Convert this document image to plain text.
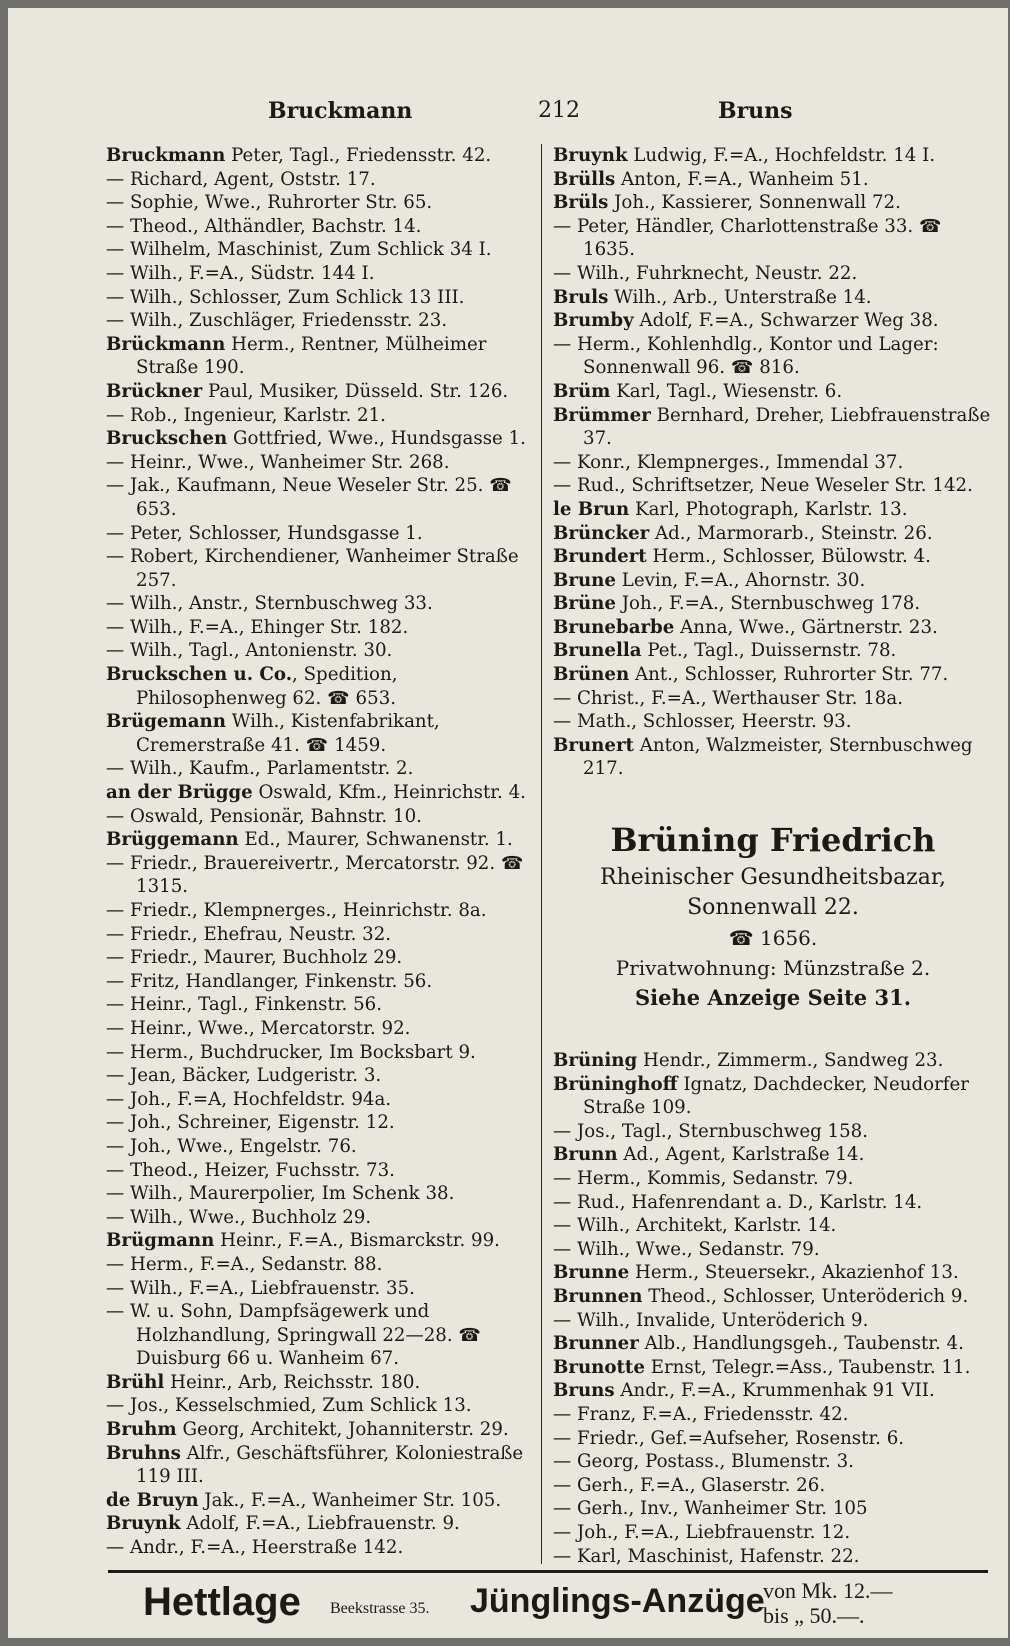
Bruckmann	212	Bruns
Bruckmann Peter, Tagl., Friedensstr. 42.
— Richard, Agent, Oststr. 17.
— Sophie, Wwe., Ruhrorter Str. 65.
— Theod., Althändler, Bachstr. 14.
— Wilhelm, Maschinist, Zum Schlick 34 I.
— Wilh., F.=A., Südstr. 144 I.
— Wilh., Schlosser, Zum Schlick 13 III.
— Wilh., Zuschläger, Friedensstr. 23.
Brückmann Herm., Rentner, Mülheimer Straße 190.
Brückner Paul, Musiker, Düsseld. Str. 126.
— Rob., Ingenieur, Karlstr. 21.
Bruckschen Gottfried, Wwe., Hundsgasse 1.
— Heinr., Wwe., Wanheimer Str. 268.
— Jak., Kaufmann, Neue Weseler Str. 25. ☎ 653.
— Peter, Schlosser, Hundsgasse 1.
— Robert, Kirchendiener, Wanheimer Straße 257.
— Wilh., Anstr., Sternbuschweg 33.
— Wilh., F.=A., Ehinger Str. 182.
— Wilh., Tagl., Antonienstr. 30.
Bruckschen u. Co., Spedition, Philosophenweg 62. ☎ 653.
Brügemann Wilh., Kistenfabrikant, Cremerstraße 41. ☎ 1459.
— Wilh., Kaufm., Parlamentstr. 2.
an der Brügge Oswald, Kfm., Heinrichstr. 4.
— Oswald, Pensionär, Bahnstr. 10.
Brüggemann Ed., Maurer, Schwanenstr. 1.
— Friedr., Brauereivertr., Mercatorstr. 92. ☎ 1315.
— Friedr., Klempnerges., Heinrichstr. 8a.
— Friedr., Ehefrau, Neustr. 32.
— Friedr., Maurer, Buchholz 29.
— Fritz, Handlanger, Finkenstr. 56.
— Heinr., Tagl., Finkenstr. 56.
— Heinr., Wwe., Mercatorstr. 92.
— Herm., Buchdrucker, Im Bocksbart 9.
— Jean, Bäcker, Ludgeristr. 3.
— Joh., F.=A, Hochfeldstr. 94a.
— Joh., Schreiner, Eigenstr. 12.
— Joh., Wwe., Engelstr. 76.
— Theod., Heizer, Fuchsstr. 73.
— Wilh., Maurerpolier, Im Schenk 38.
— Wilh., Wwe., Buchholz 29.
Brügmann Heinr., F.=A., Bismarckstr. 99.
— Herm., F.=A., Sedanstr. 88.
— Wilh., F.=A., Liebfrauenstr. 35.
— W. u. Sohn, Dampfsägewerk und Holzhandlung, Springwall 22—28. ☎ Duisburg 66 u. Wanheim 67.
Brühl Heinr., Arb, Reichsstr. 180.
— Jos., Kesselschmied, Zum Schlick 13.
Bruhm Georg, Architekt, Johanniterstr. 29.
Bruhns Alfr., Geschäftsführer, Koloniestraße 119 III.
de Bruyn Jak., F.=A., Wanheimer Str. 105.
Bruynk Adolf, F.=A., Liebfrauenstr. 9.
— Andr., F.=A., Heerstraße 142.
Bruynk Ludwig, F.=A., Hochfeldstr. 14 I.
Brülls Anton, F.=A., Wanheim 51.
Brüls Joh., Kassierer, Sonnenwall 72.
— Peter, Händler, Charlottenstraße 33. ☎ 1635.
— Wilh., Fuhrknecht, Neustr. 22.
Bruls Wilh., Arb., Unterstraße 14.
Brumby Adolf, F.=A., Schwarzer Weg 38.
— Herm., Kohlenhdlg., Kontor und Lager: Sonnenwall 96. ☎ 816.
Brüm Karl, Tagl., Wiesenstr. 6.
Brümmer Bernhard, Dreher, Liebfrauenstraße 37.
— Konr., Klempnerges., Immendal 37.
— Rud., Schriftsetzer, Neue Weseler Str. 142.
le Brun Karl, Photograph, Karlstr. 13.
Brüncker Ad., Marmorarb., Steinstr. 26.
Brundert Herm., Schlosser, Bülowstr. 4.
Brune Levin, F.=A., Ahornstr. 30.
Brüne Joh., F.=A., Sternbuschweg 178.
Brunebarbe Anna, Wwe., Gärtnerstr. 23.
Brunella Pet., Tagl., Duissernstr. 78.
Brünen Ant., Schlosser, Ruhrorter Str. 77.
— Christ., F.=A., Werthauser Str. 18a.
— Math., Schlosser, Heerstr. 93.
Brunert Anton, Walzmeister, Sternbuschweg 217.
Brüning Friedrich
Rheinischer Gesundheitsbazar,
Sonnenwall 22.
☎ 1656.
Privatwohnung: Münzstraße 2.
Siehe Anzeige Seite 31.
Brüning Hendr., Zimmerm., Sandweg 23.
Brüninghoff Ignatz, Dachdecker, Neudorfer Straße 109.
— Jos., Tagl., Sternbuschweg 158.
Brunn Ad., Agent, Karlstraße 14.
— Herm., Kommis, Sedanstr. 79.
— Rud., Hafenrendant a. D., Karlstr. 14.
— Wilh., Architekt, Karlstr. 14.
— Wilh., Wwe., Sedanstr. 79.
Brunne Herm., Steuersekr., Akazienhof 13.
Brunnen Theod., Schlosser, Unteröderich 9.
— Wilh., Invalide, Unteröderich 9.
Brunner Alb., Handlungsgeh., Taubenstr. 4.
Brunotte Ernst, Telegr.=Ass., Taubenstr. 11.
Bruns Andr., F.=A., Krummenhak 91 VII.
— Franz, F.=A., Friedensstr. 42.
— Friedr., Gef.=Aufseher, Rosenstr. 6.
— Georg, Postass., Blumenstr. 3.
— Gerh., F.=A., Glaserstr. 26.
— Gerh., Inv., Wanheimer Str. 105
— Joh., F.=A., Liebfrauenstr. 12.
— Karl, Maschinist, Hafenstr. 22.
Hettlage Beekstrasse 35. Jünglings-Anzüge
von Mk. 12.—
bis „ 50.—.
